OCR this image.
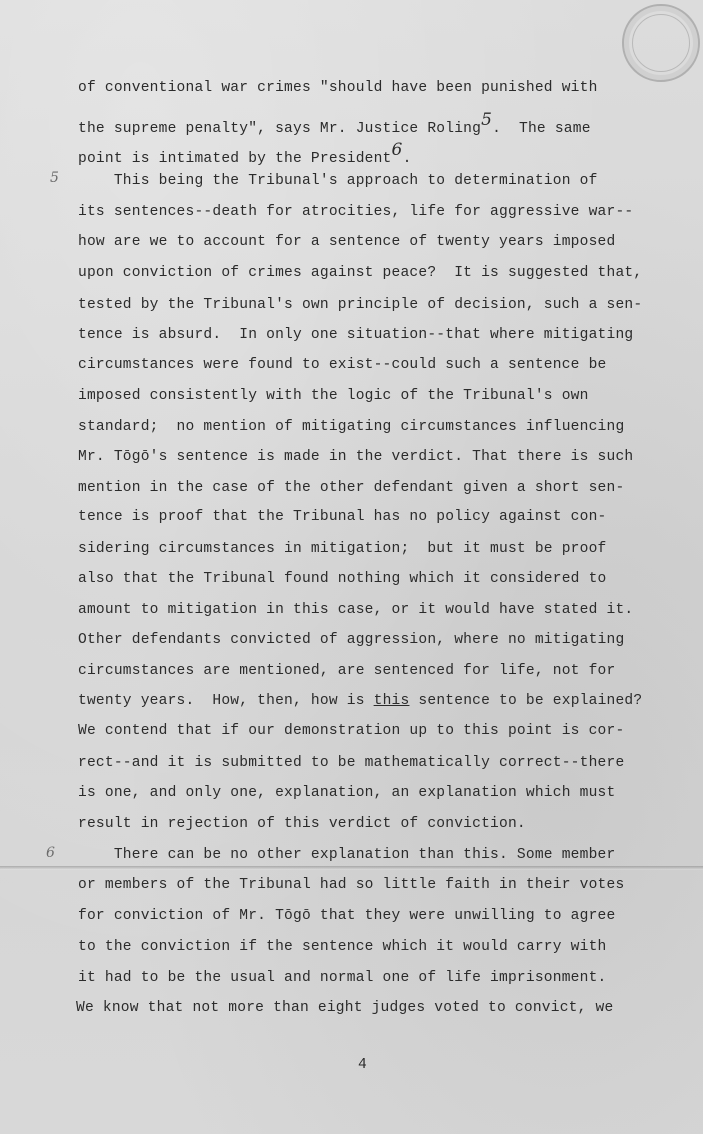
5
6
of conventional war crimes "should have been punished with
the supreme penalty", says Mr. Justice Roling5.  The same
point is intimated by the President6.
This being the Tribunal's approach to determination of
its sentences--death for atrocities, life for aggressive war--
how are we to account for a sentence of twenty years imposed
upon conviction of crimes against peace?  It is suggested that,
tested by the Tribunal's own principle of decision, such a sen-
tence is absurd.  In only one situation--that where mitigating
circumstances were found to exist--could such a sentence be
imposed consistently with the logic of the Tribunal's own
standard;  no mention of mitigating circumstances influencing
Mr. Tōgō's sentence is made in the verdict. That there is such
mention in the case of the other defendant given a short sen-
tence is proof that the Tribunal has no policy against con-
sidering circumstances in mitigation;  but it must be proof
also that the Tribunal found nothing which it considered to
amount to mitigation in this case, or it would have stated it.
Other defendants convicted of aggression, where no mitigating
circumstances are mentioned, are sentenced for life, not for
twenty years.  How, then, how is this sentence to be explained?
We contend that if our demonstration up to this point is cor-
rect--and it is submitted to be mathematically correct--there
is one, and only one, explanation, an explanation which must
result in rejection of this verdict of conviction.
There can be no other explanation than this. Some member
or members of the Tribunal had so little faith in their votes
for conviction of Mr. Tōgō that they were unwilling to agree
to the conviction if the sentence which it would carry with
it had to be the usual and normal one of life imprisonment.
We know that not more than eight judges voted to convict, we
4
